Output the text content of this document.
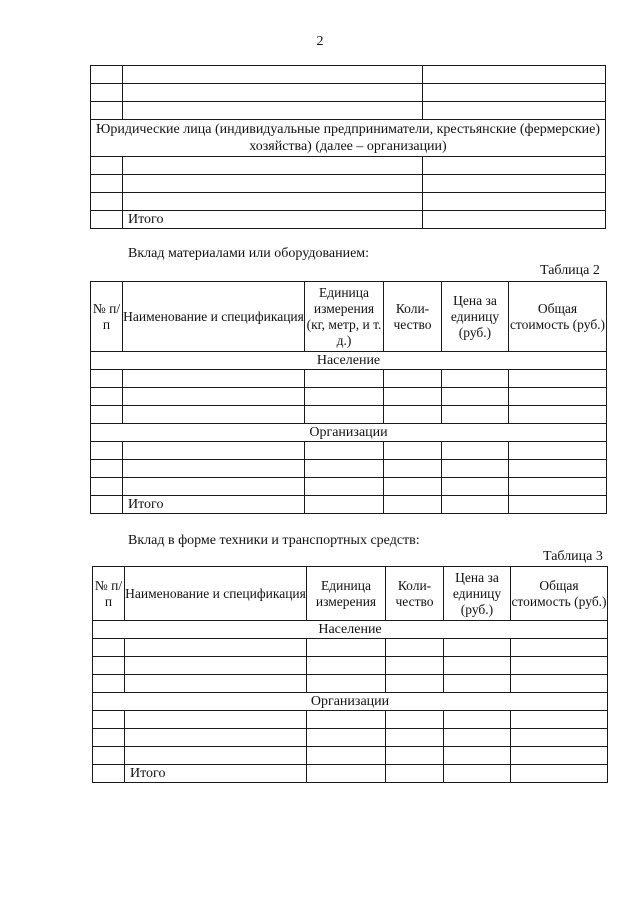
2

Юридические лица (индивидуальные предприниматели, крестьянские (фермерские) хозяйства) (далее – организации)		

	Итого	
Вклад материалами или оборудованием:
Таблица 2
№ п/п	Наименование и спецификация	Единица измерения (кг, метр, и т. д.)	Коли-чество	Цена за единицу (руб.)	Общая стоимость (руб.)
Население					

Организации					

	Итого				
Вклад в форме техники и транспортных средств:
Таблица 3
№ п/п	Наименование и спецификация	Единица измерения	Коли-чество	Цена за единицу (руб.)	Общая стоимость (руб.)
Население					

Организации					

	Итого				
